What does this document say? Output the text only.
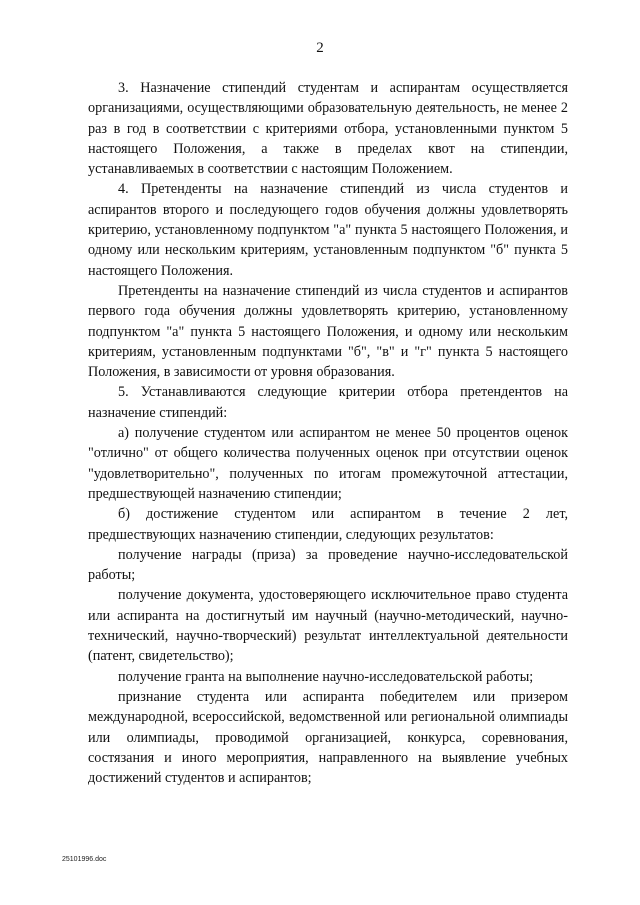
2

3. Назначение стипендий студентам и аспирантам осуществляется организациями, осуществляющими образовательную деятельность, не менее 2 раз в год в соответствии с критериями отбора, установленными пунктом 5 настоящего Положения, а также в пределах квот на стипендии, устанавливаемых в соответствии с настоящим Положением.

4. Претенденты на назначение стипендий из числа студентов и аспирантов второго и последующего годов обучения должны удовлетворять критерию, установленному подпунктом "а" пункта 5 настоящего Положения, и одному или нескольким критериям, установленным подпунктом "б" пункта 5 настоящего Положения.

Претенденты на назначение стипендий из числа студентов и аспирантов первого года обучения должны удовлетворять критерию, установленному подпунктом "а" пункта 5 настоящего Положения, и одному или нескольким критериям, установленным подпунктами "б", "в" и "г" пункта 5 настоящего Положения, в зависимости от уровня образования.

5. Устанавливаются следующие критерии отбора претендентов на назначение стипендий:

а) получение студентом или аспирантом не менее 50 процентов оценок "отлично" от общего количества полученных оценок при отсутствии оценок "удовлетворительно", полученных по итогам промежуточной аттестации, предшествующей назначению стипендии;

б) достижение студентом или аспирантом в течение 2 лет, предшествующих назначению стипендии, следующих результатов:

получение награды (приза) за проведение научно-исследовательской работы;

получение документа, удостоверяющего исключительное право студента или аспиранта на достигнутый им научный (научно-методический, научно-технический, научно-творческий) результат интеллектуальной деятельности (патент, свидетельство);

получение гранта на выполнение научно-исследовательской работы;

признание студента или аспиранта победителем или призером международной, всероссийской, ведомственной или региональной олимпиады или олимпиады, проводимой организацией, конкурса, соревнования, состязания и иного мероприятия, направленного на выявление учебных достижений студентов и аспирантов;

25101996.doc
